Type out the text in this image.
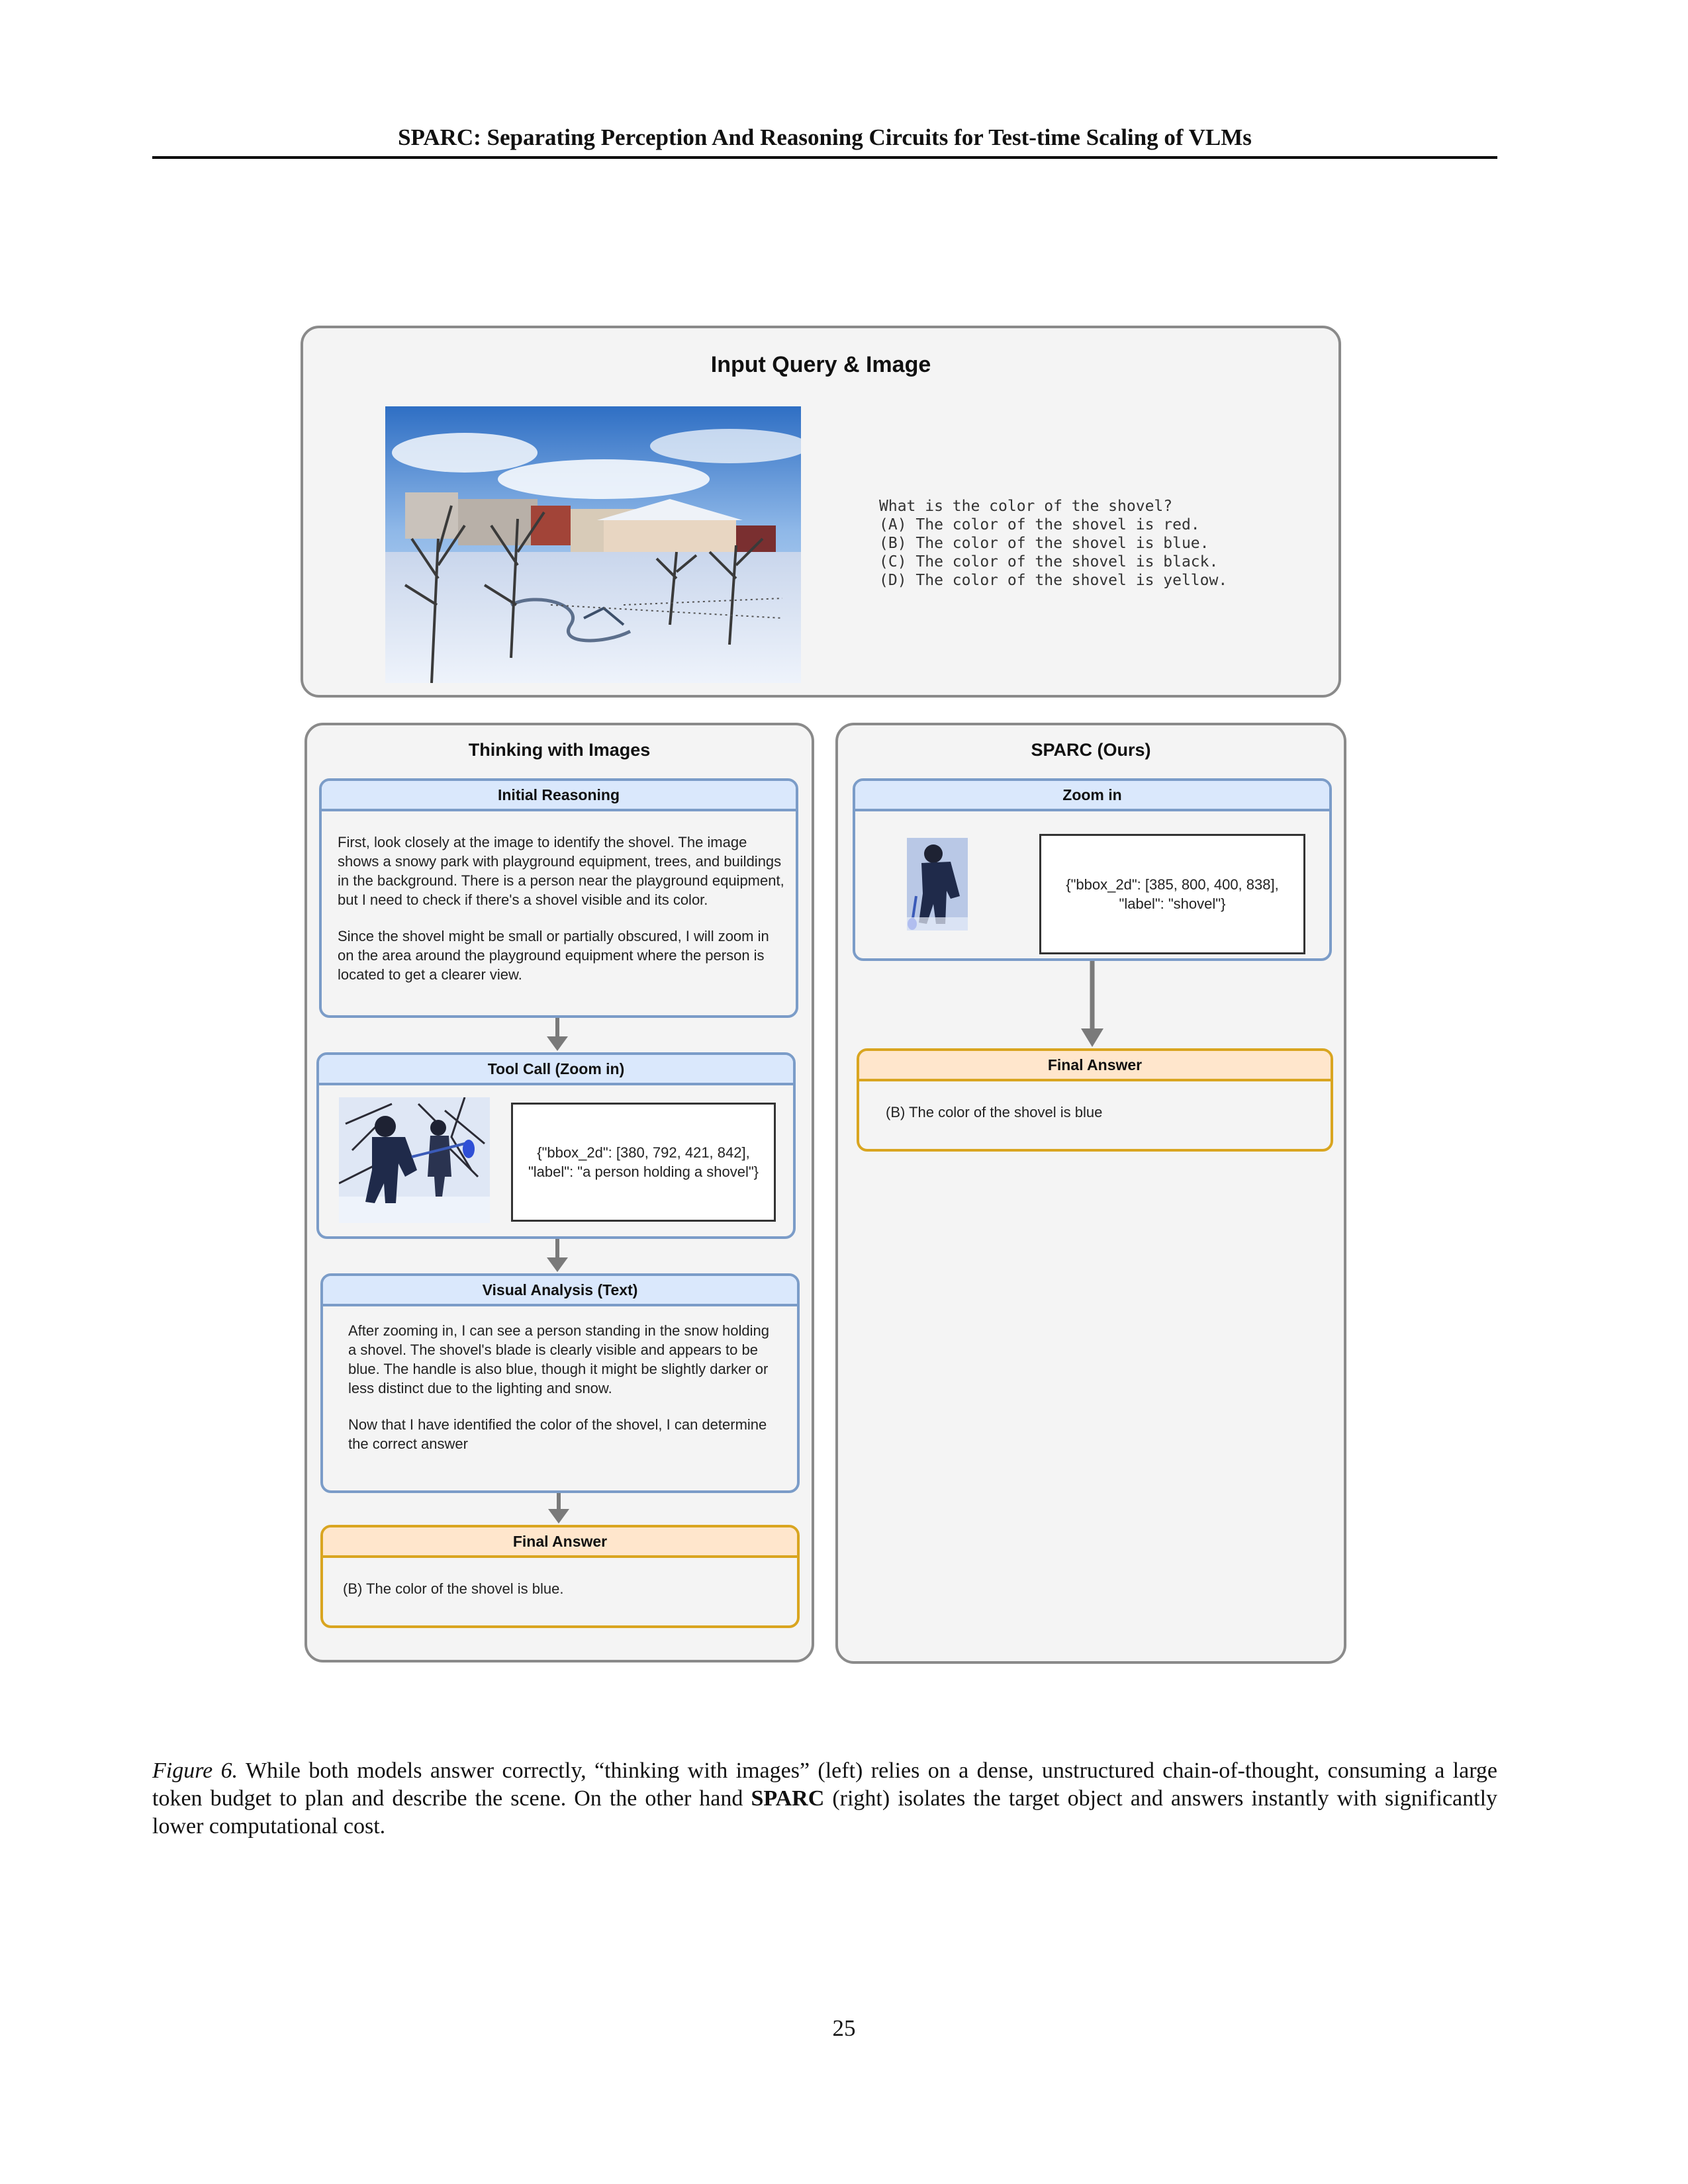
SPARC: Separating Perception And Reasoning Circuits for Test-time Scaling of VLMs
Input Query & Image
What is the color of the shovel?
(A) The color of the shovel is red.
(B) The color of the shovel is blue.
(C) The color of the shovel is black.
(D) The color of the shovel is yellow.
Thinking with Images
Initial Reasoning

First, look closely at the image to identify the shovel. The image shows a snowy park with playground equipment, trees, and buildings in the background. There is a person near the playground equipment, but I need to check if there's a shovel visible and its color.

Since the shovel might be small or partially obscured, I will zoom in on the area around the playground equipment where the person is located to get a clearer view.

Tool Call (Zoom in)
{"bbox_2d": [380, 792, 421, 842], "label": "a person holding a shovel"}
Visual Analysis (Text)

After zooming in, I can see a person standing in the snow holding a shovel. The shovel's blade is clearly visible and appears to be blue. The handle is also blue, though it might be slightly darker or less distinct due to the lighting and snow.

Now that I have identified the color of the shovel, I can determine the correct answer

Final Answer
(B) The color of the shovel is blue.
SPARC (Ours)
Zoom in
{"bbox_2d": [385, 800, 400, 838], "label": "shovel"}
Final Answer
(B) The color of the shovel is blue
Figure 6. While both models answer correctly, “thinking with images” (left) relies on a dense, unstructured chain-of-thought, consuming a large token budget to plan and describe the scene. On the other hand SPARC (right) isolates the target object and answers instantly with significantly lower computational cost.
25
